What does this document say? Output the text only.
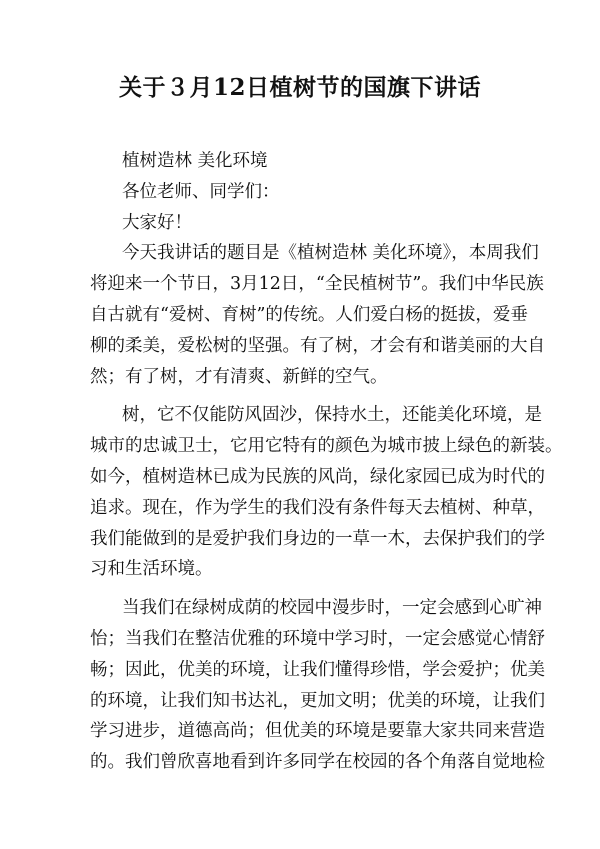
关于３月12日植树节的国旗下讲话
植树造林 美化环境
各位老师、同学们：
大家好！
今天我讲话的题目是《植树造林 美化环境》，本周我们
将迎来一个节日，3月12日，“全民植树节”。我们中华民族
自古就有“爱树、育树”的传统。人们爱白杨的挺拔，爱垂
柳的柔美，爱松树的坚强。有了树，才会有和谐美丽的大自
然；有了树，才有清爽、新鲜的空气。
树，它不仅能防风固沙，保持水土，还能美化环境，是
城市的忠诚卫士，它用它特有的颜色为城市披上绿色的新装。
如今，植树造林已成为民族的风尚，绿化家园已成为时代的
追求。现在，作为学生的我们没有条件每天去植树、种草，
我们能做到的是爱护我们身边的一草一木，去保护我们的学
习和生活环境。
当我们在绿树成荫的校园中漫步时，一定会感到心旷神
怡；当我们在整洁优雅的环境中学习时，一定会感觉心情舒
畅；因此，优美的环境，让我们懂得珍惜，学会爱护；优美
的环境，让我们知书达礼，更加文明；优美的环境，让我们
学习进步，道德高尚；但优美的环境是要靠大家共同来营造
的。我们曾欣喜地看到许多同学在校园的各个角落自觉地检
